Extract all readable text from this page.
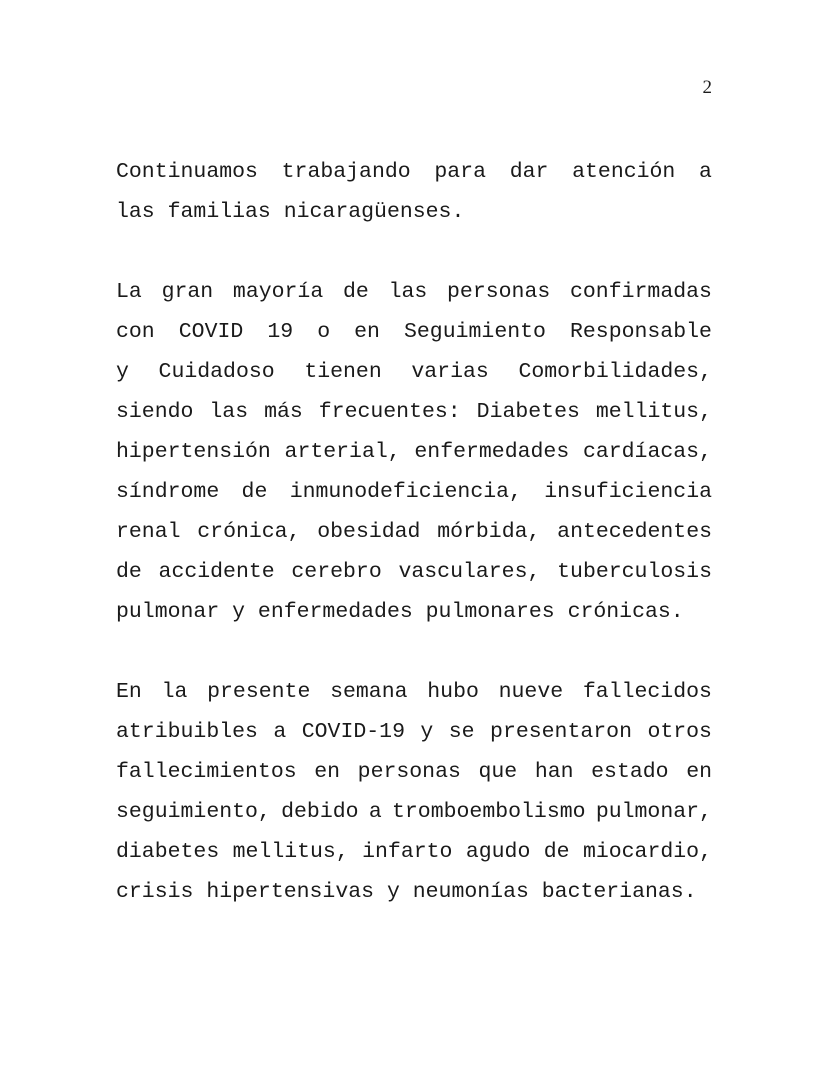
2
Continuamos trabajando para dar atención a
las familias nicaragüenses.
La gran mayoría de las personas confirmadas
con COVID 19 o en Seguimiento Responsable
y Cuidadoso tienen varias Comorbilidades,
siendo las más frecuentes: Diabetes mellitus,
hipertensión arterial, enfermedades cardíacas,
síndrome de inmunodeficiencia, insuficiencia
renal crónica, obesidad mórbida, antecedentes
de accidente cerebro vasculares, tuberculosis
pulmonar y enfermedades pulmonares crónicas.
En la presente semana hubo nueve fallecidos
atribuibles a COVID-19 y se presentaron otros
fallecimientos en personas que han estado en
seguimiento, debido a tromboembolismo pulmonar,
diabetes mellitus, infarto agudo de miocardio,
crisis hipertensivas y neumonías bacterianas.
